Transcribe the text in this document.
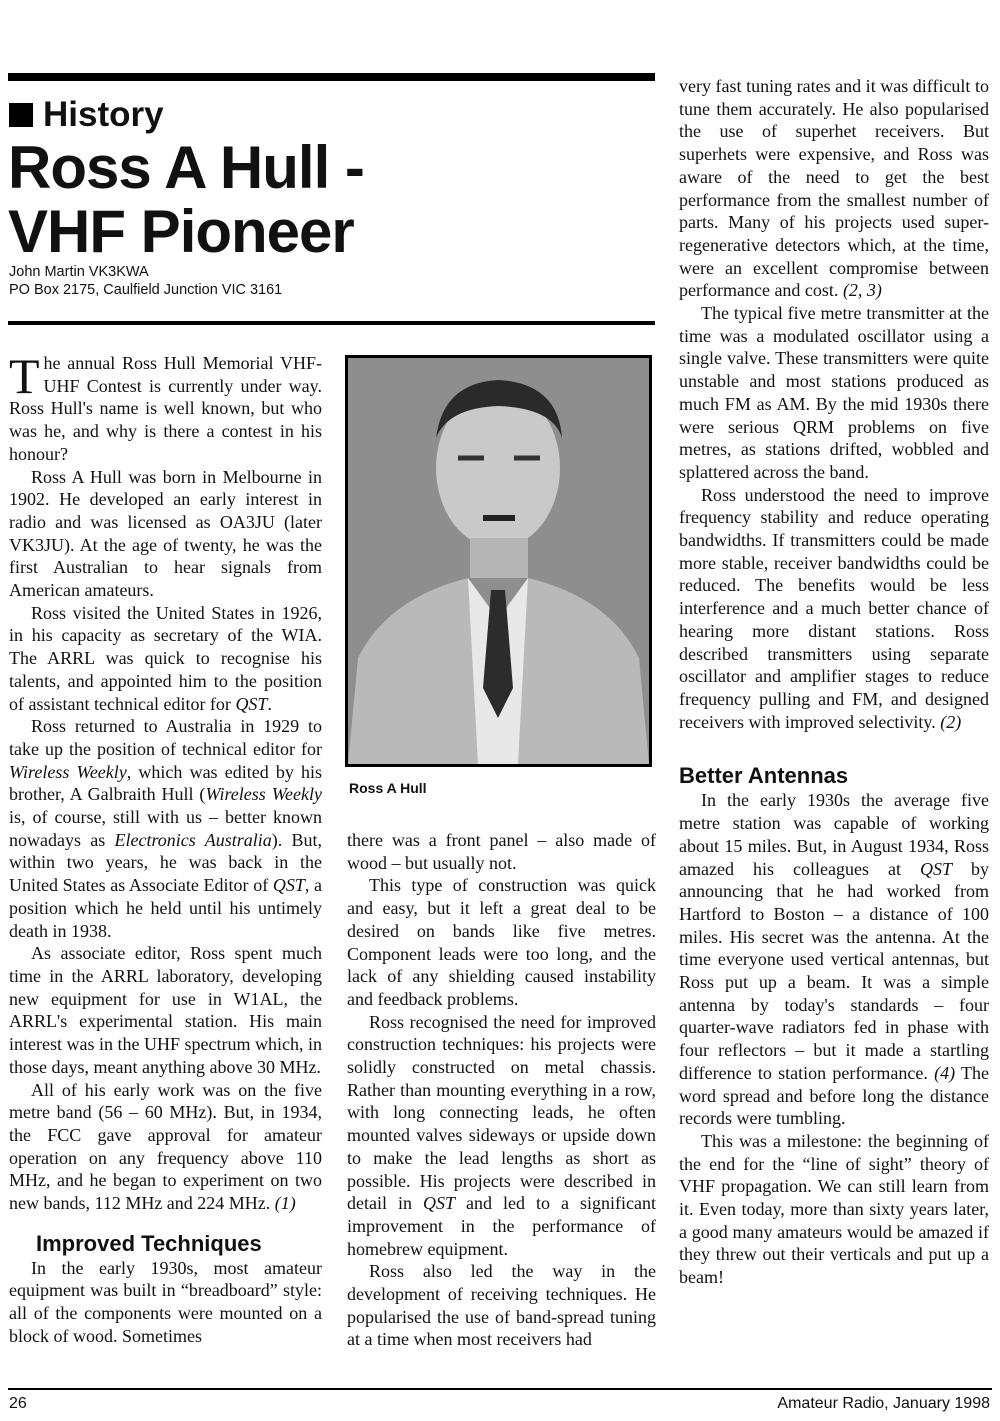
History
Ross A Hull -
VHF Pioneer
John Martin VK3KWA
PO Box 2175, Caulfield Junction VIC 3161

The annual Ross Hull Memorial VHF-UHF Contest is currently under way. Ross Hull's name is well known, but who was he, and why is there a contest in his honour?

Ross A Hull was born in Melbourne in 1902. He developed an early interest in radio and was licensed as OA3JU (later VK3JU). At the age of twenty, he was the first Australian to hear signals from American amateurs.

Ross visited the United States in 1926, in his capacity as secretary of the WIA. The ARRL was quick to recognise his talents, and appointed him to the position of assistant technical editor for QST.

Ross returned to Australia in 1929 to take up the position of technical editor for Wireless Weekly, which was edited by his brother, A Galbraith Hull (Wireless Weekly is, of course, still with us – better known nowadays as Electronics Australia). But, within two years, he was back in the United States as Associate Editor of QST, a position which he held until his untimely death in 1938.

As associate editor, Ross spent much time in the ARRL laboratory, developing new equipment for use in W1AL, the ARRL's experimental station. His main interest was in the UHF spectrum which, in those days, meant anything above 30 MHz.

All of his early work was on the five metre band (56 – 60 MHz). But, in 1934, the FCC gave approval for amateur operation on any frequency above 110 MHz, and he began to experiment on two new bands, 112 MHz and 224 MHz. (1)

Improved Techniques

In the early 1930s, most amateur equipment was built in “breadboard” style: all of the components were mounted on a block of wood. Sometimes

Ross A Hull

there was a front panel – also made of wood – but usually not.

This type of construction was quick and easy, but it left a great deal to be desired on bands like five metres. Component leads were too long, and the lack of any shielding caused instability and feedback problems.

Ross recognised the need for improved construction techniques: his projects were solidly constructed on metal chassis. Rather than mounting everything in a row, with long connecting leads, he often mounted valves sideways or upside down to make the lead lengths as short as possible. His projects were described in detail in QST and led to a significant improvement in the performance of homebrew equipment.

Ross also led the way in the development of receiving techniques. He popularised the use of band-spread tuning at a time when most receivers had

very fast tuning rates and it was difficult to tune them accurately. He also popularised the use of superhet receivers. But superhets were expensive, and Ross was aware of the need to get the best performance from the smallest number of parts. Many of his projects used super-regenerative detectors which, at the time, were an excellent compromise between performance and cost. (2, 3)

The typical five metre transmitter at the time was a modulated oscillator using a single valve. These transmitters were quite unstable and most stations produced as much FM as AM. By the mid 1930s there were serious QRM problems on five metres, as stations drifted, wobbled and splattered across the band.

Ross understood the need to improve frequency stability and reduce operating bandwidths. If transmitters could be made more stable, receiver bandwidths could be reduced. The benefits would be less interference and a much better chance of hearing more distant stations. Ross described transmitters using separate oscillator and amplifier stages to reduce frequency pulling and FM, and designed receivers with improved selectivity. (2)

Better Antennas

In the early 1930s the average five metre station was capable of working about 15 miles. But, in August 1934, Ross amazed his colleagues at QST by announcing that he had worked from Hartford to Boston – a distance of 100 miles. His secret was the antenna. At the time everyone used vertical antennas, but Ross put up a beam. It was a simple antenna by today's standards – four quarter-wave radiators fed in phase with four reflectors – but it made a startling difference to station performance. (4) The word spread and before long the distance records were tumbling.

This was a milestone: the beginning of the end for the “line of sight” theory of VHF propagation. We can still learn from it. Even today, more than sixty years later, a good many amateurs would be amazed if they threw out their verticals and put up a beam!

26	Amateur Radio, January 1998
